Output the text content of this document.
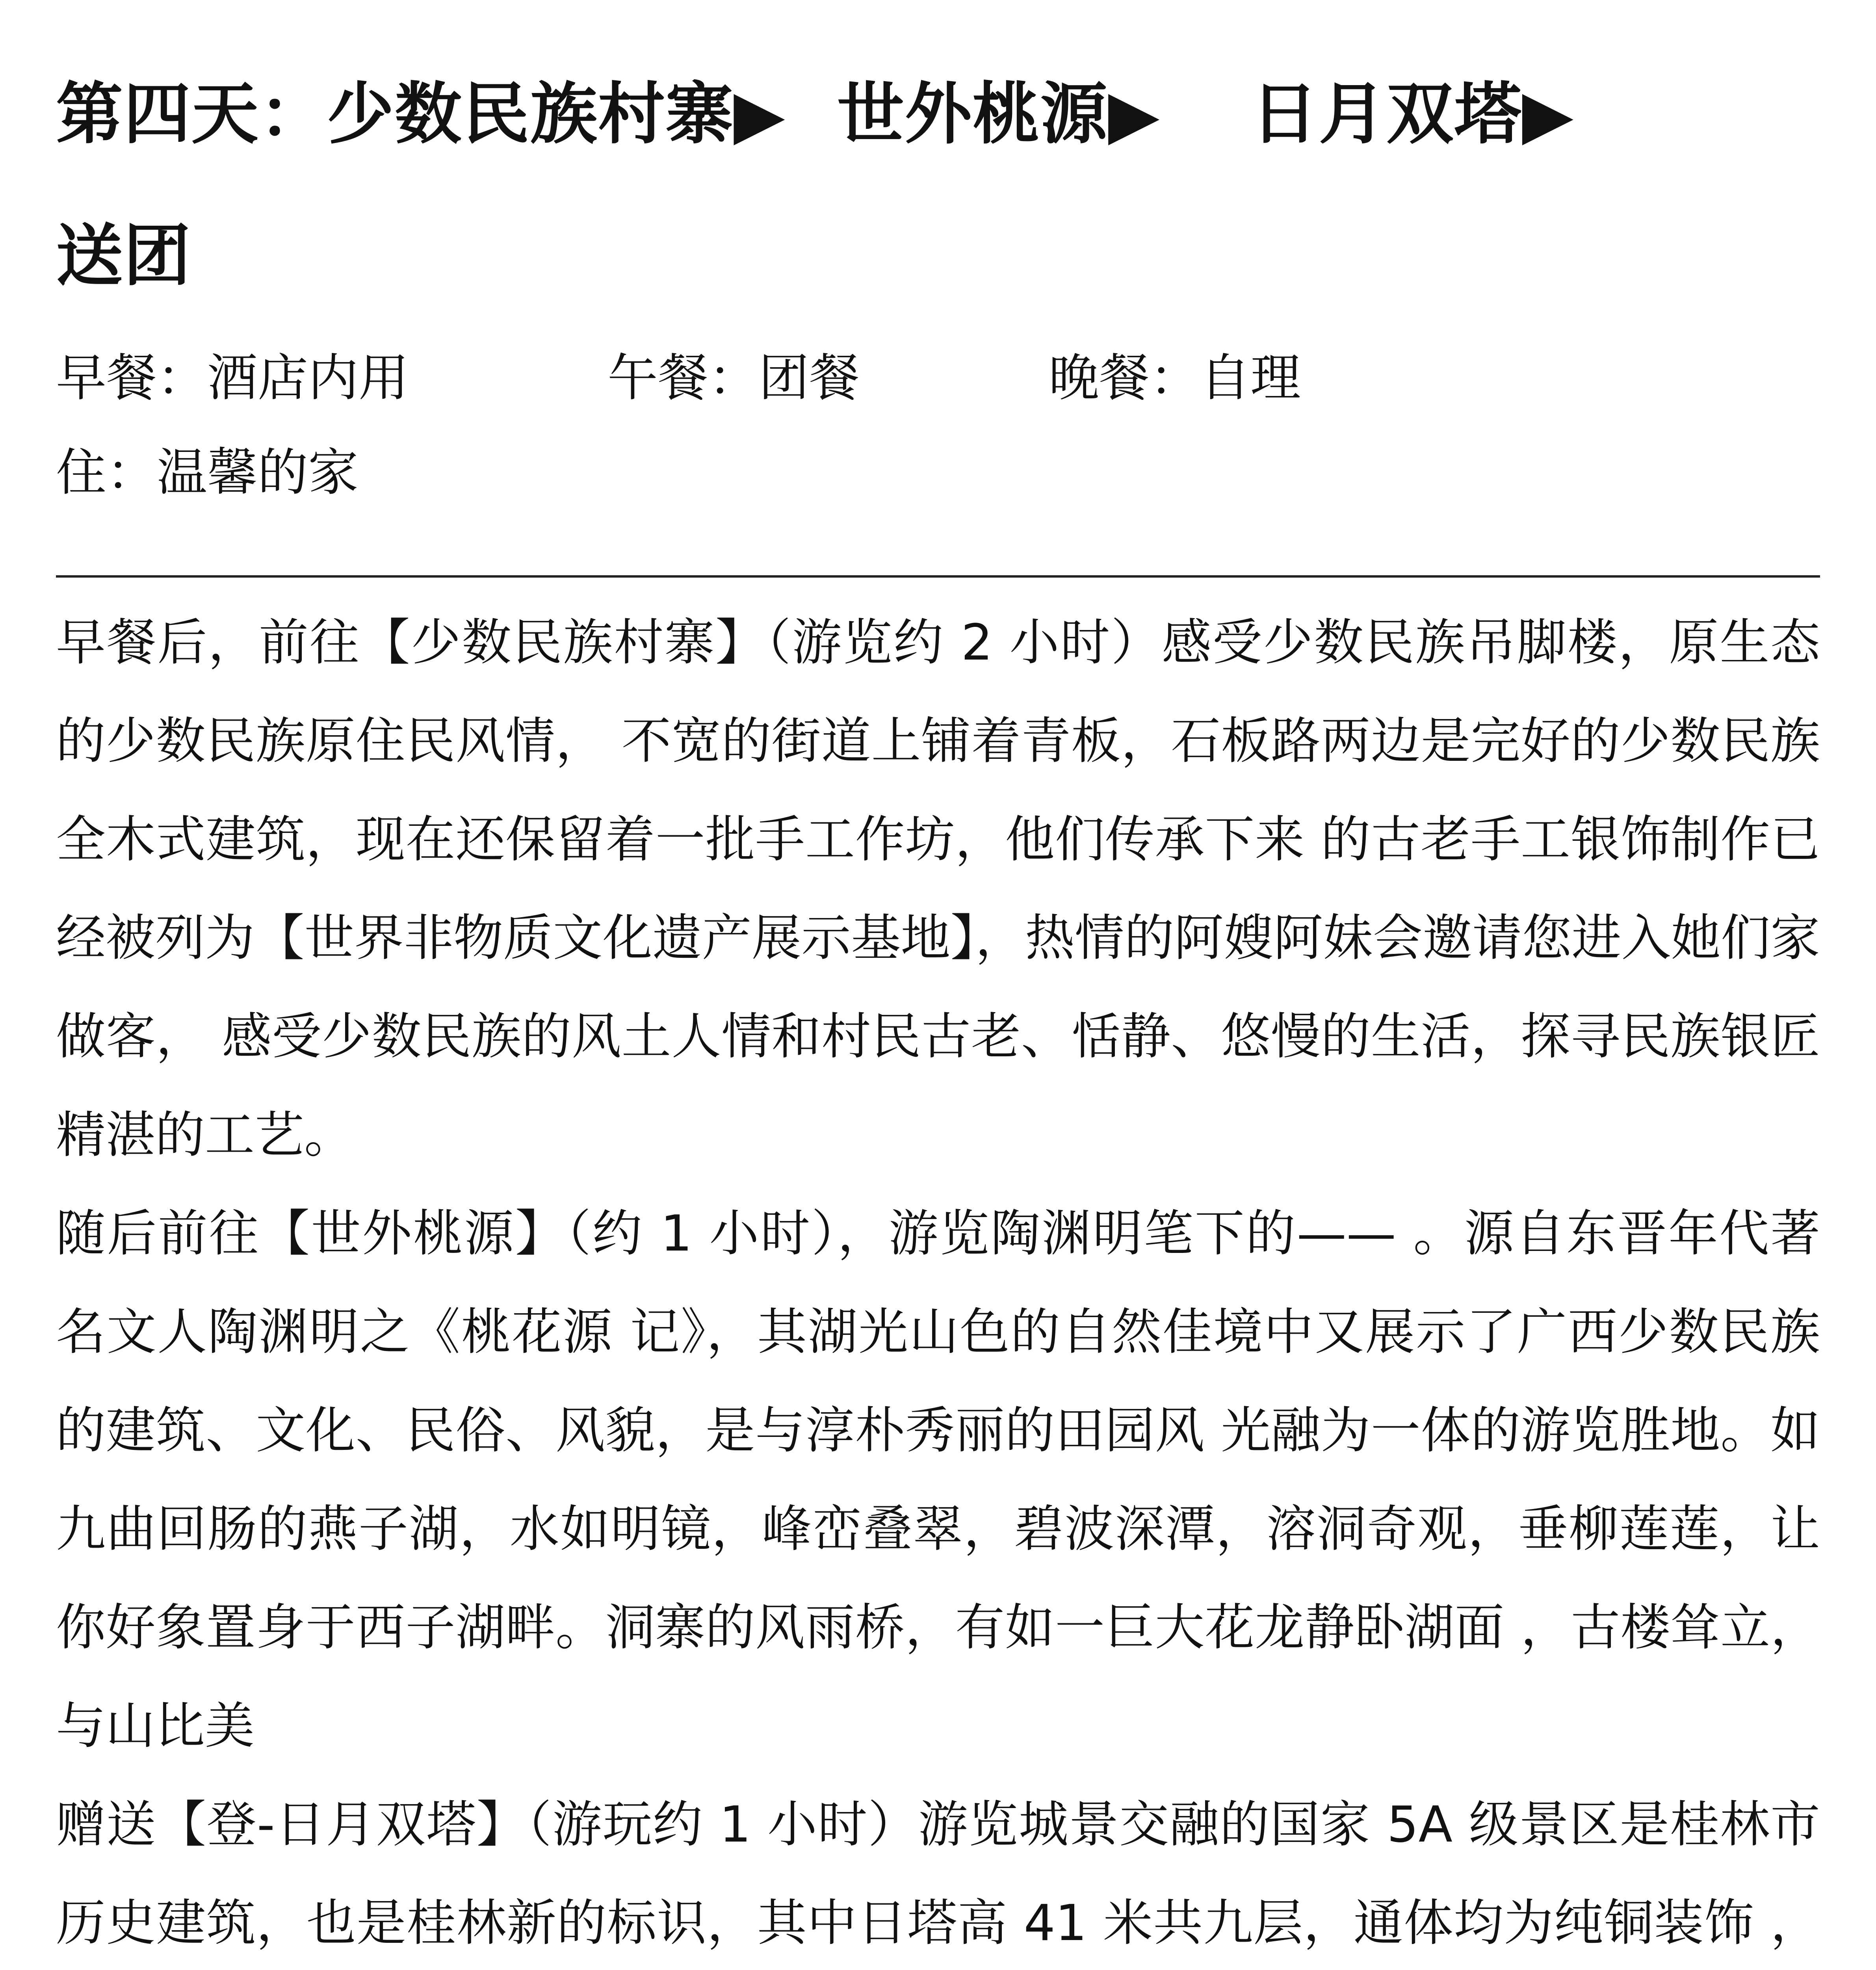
第四天：少数民族村寨▶ 世外桃源▶ 日月双塔▶
送团
早餐：酒店内用	午餐：团餐	晚餐：自理
住：温馨的家

早餐后，前往【少数民族村寨】（游览约 2 小时）感受少数民族吊脚楼，原生态的少数民族原住民风情， 不宽的街道上铺着青板，石板路两边是完好的少数民族全木式建筑，现在还保留着一批手工作坊，他们传承下来 的古老手工银饰制作已经被列为【世界非物质文化遗产展示基地】，热情的阿嫂阿妹会邀请您进入她们家做客， 感受少数民族的风土人情和村民古老、恬静、悠慢的生活，探寻民族银匠精湛的工艺。

随后前往【世外桃源】（约 1 小时），游览陶渊明笔下的—— 。源自东晋年代著名文人陶渊明之《桃花源 记》，其湖光山色的自然佳境中又展示了广西少数民族的建筑、文化、民俗、风貌，是与淳朴秀丽的田园风 光融为一体的游览胜地。如九曲回肠的燕子湖，水如明镜，峰峦叠翠，碧波深潭，溶洞奇观，垂柳莲莲，让你好象置身于西子湖畔。洞寨的风雨桥，有如一巨大花龙静卧湖面 ，古楼耸立，与山比美

赠送【登-日月双塔】（游玩约 1 小时）游览城景交融的国家 5A 级景区是桂林市历史建筑，也是桂林新的标识，其中日塔高 41 米共九层，通体均为纯铜装饰 ，
